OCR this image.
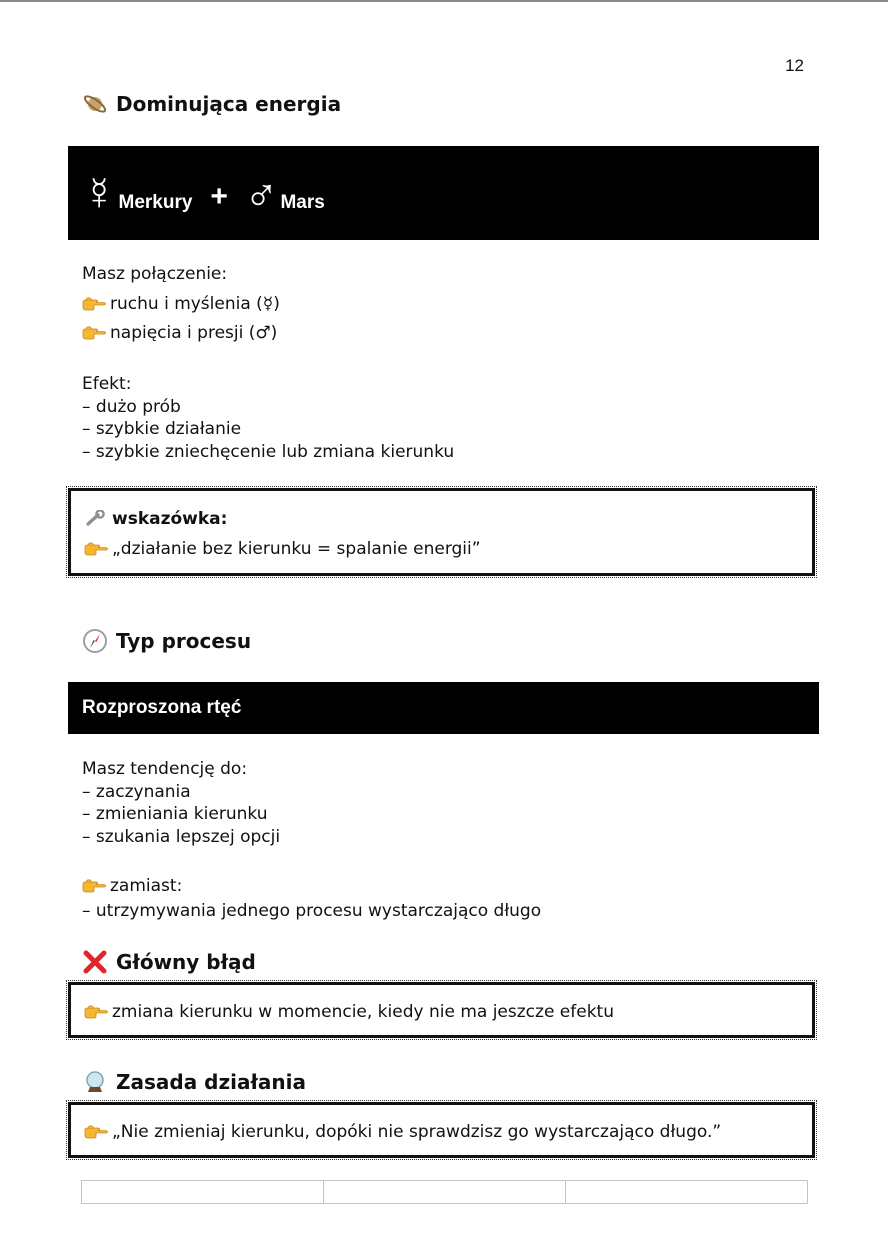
12
Dominująca energia
☿ Merkury + ♂ Mars
Masz połączenie:
ruchu i myślenia (☿)
napięcia i presji (♂)
Efekt:
– dużo prób
– szybkie działanie
– szybkie zniechęcenie lub zmiana kierunku
wskazówka:
„działanie bez kierunku = spalanie energii”
Typ procesu
Rozproszona rtęć
Masz tendencję do:
– zaczynania
– zmieniania kierunku
– szukania lepszej opcji
zamiast:
– utrzymywania jednego procesu wystarczająco długo
Główny błąd
zmiana kierunku w momencie, kiedy nie ma jeszcze efektu
Zasada działania
„Nie zmieniaj kierunku, dopóki nie sprawdzisz go wystarczająco długo.”
